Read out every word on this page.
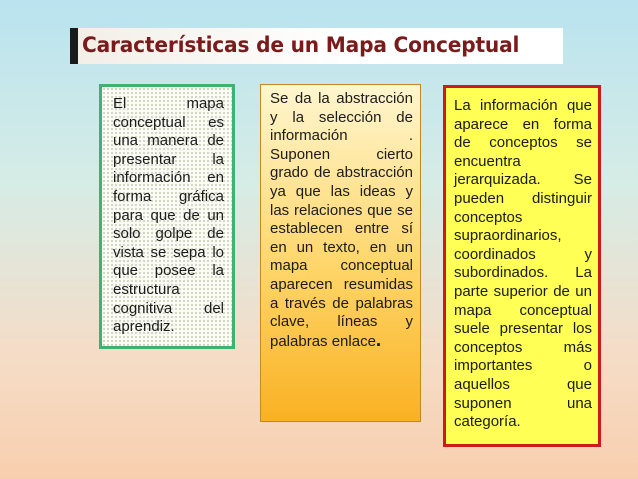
Características de un Mapa Conceptual
El mapa conceptual es una manera de presentar la información en forma gráfica para que de un solo golpe de vista se sepa lo que posee la estructura cognitiva del aprendiz.
Se da la abstracción y la selección de información . Suponen cierto grado de abstracción ya que las ideas y las relaciones que se establecen entre sí en un texto, en un mapa conceptual aparecen resumidas a través de palabras clave, líneas y palabras enlace.
La información que aparece en forma de conceptos se encuentra jerarquizada. Se pueden distinguir conceptos supraordinarios, coordinados y subordinados. La parte superior de un mapa conceptual suele presentar los conceptos más importantes o aquellos que suponen una categoría.
